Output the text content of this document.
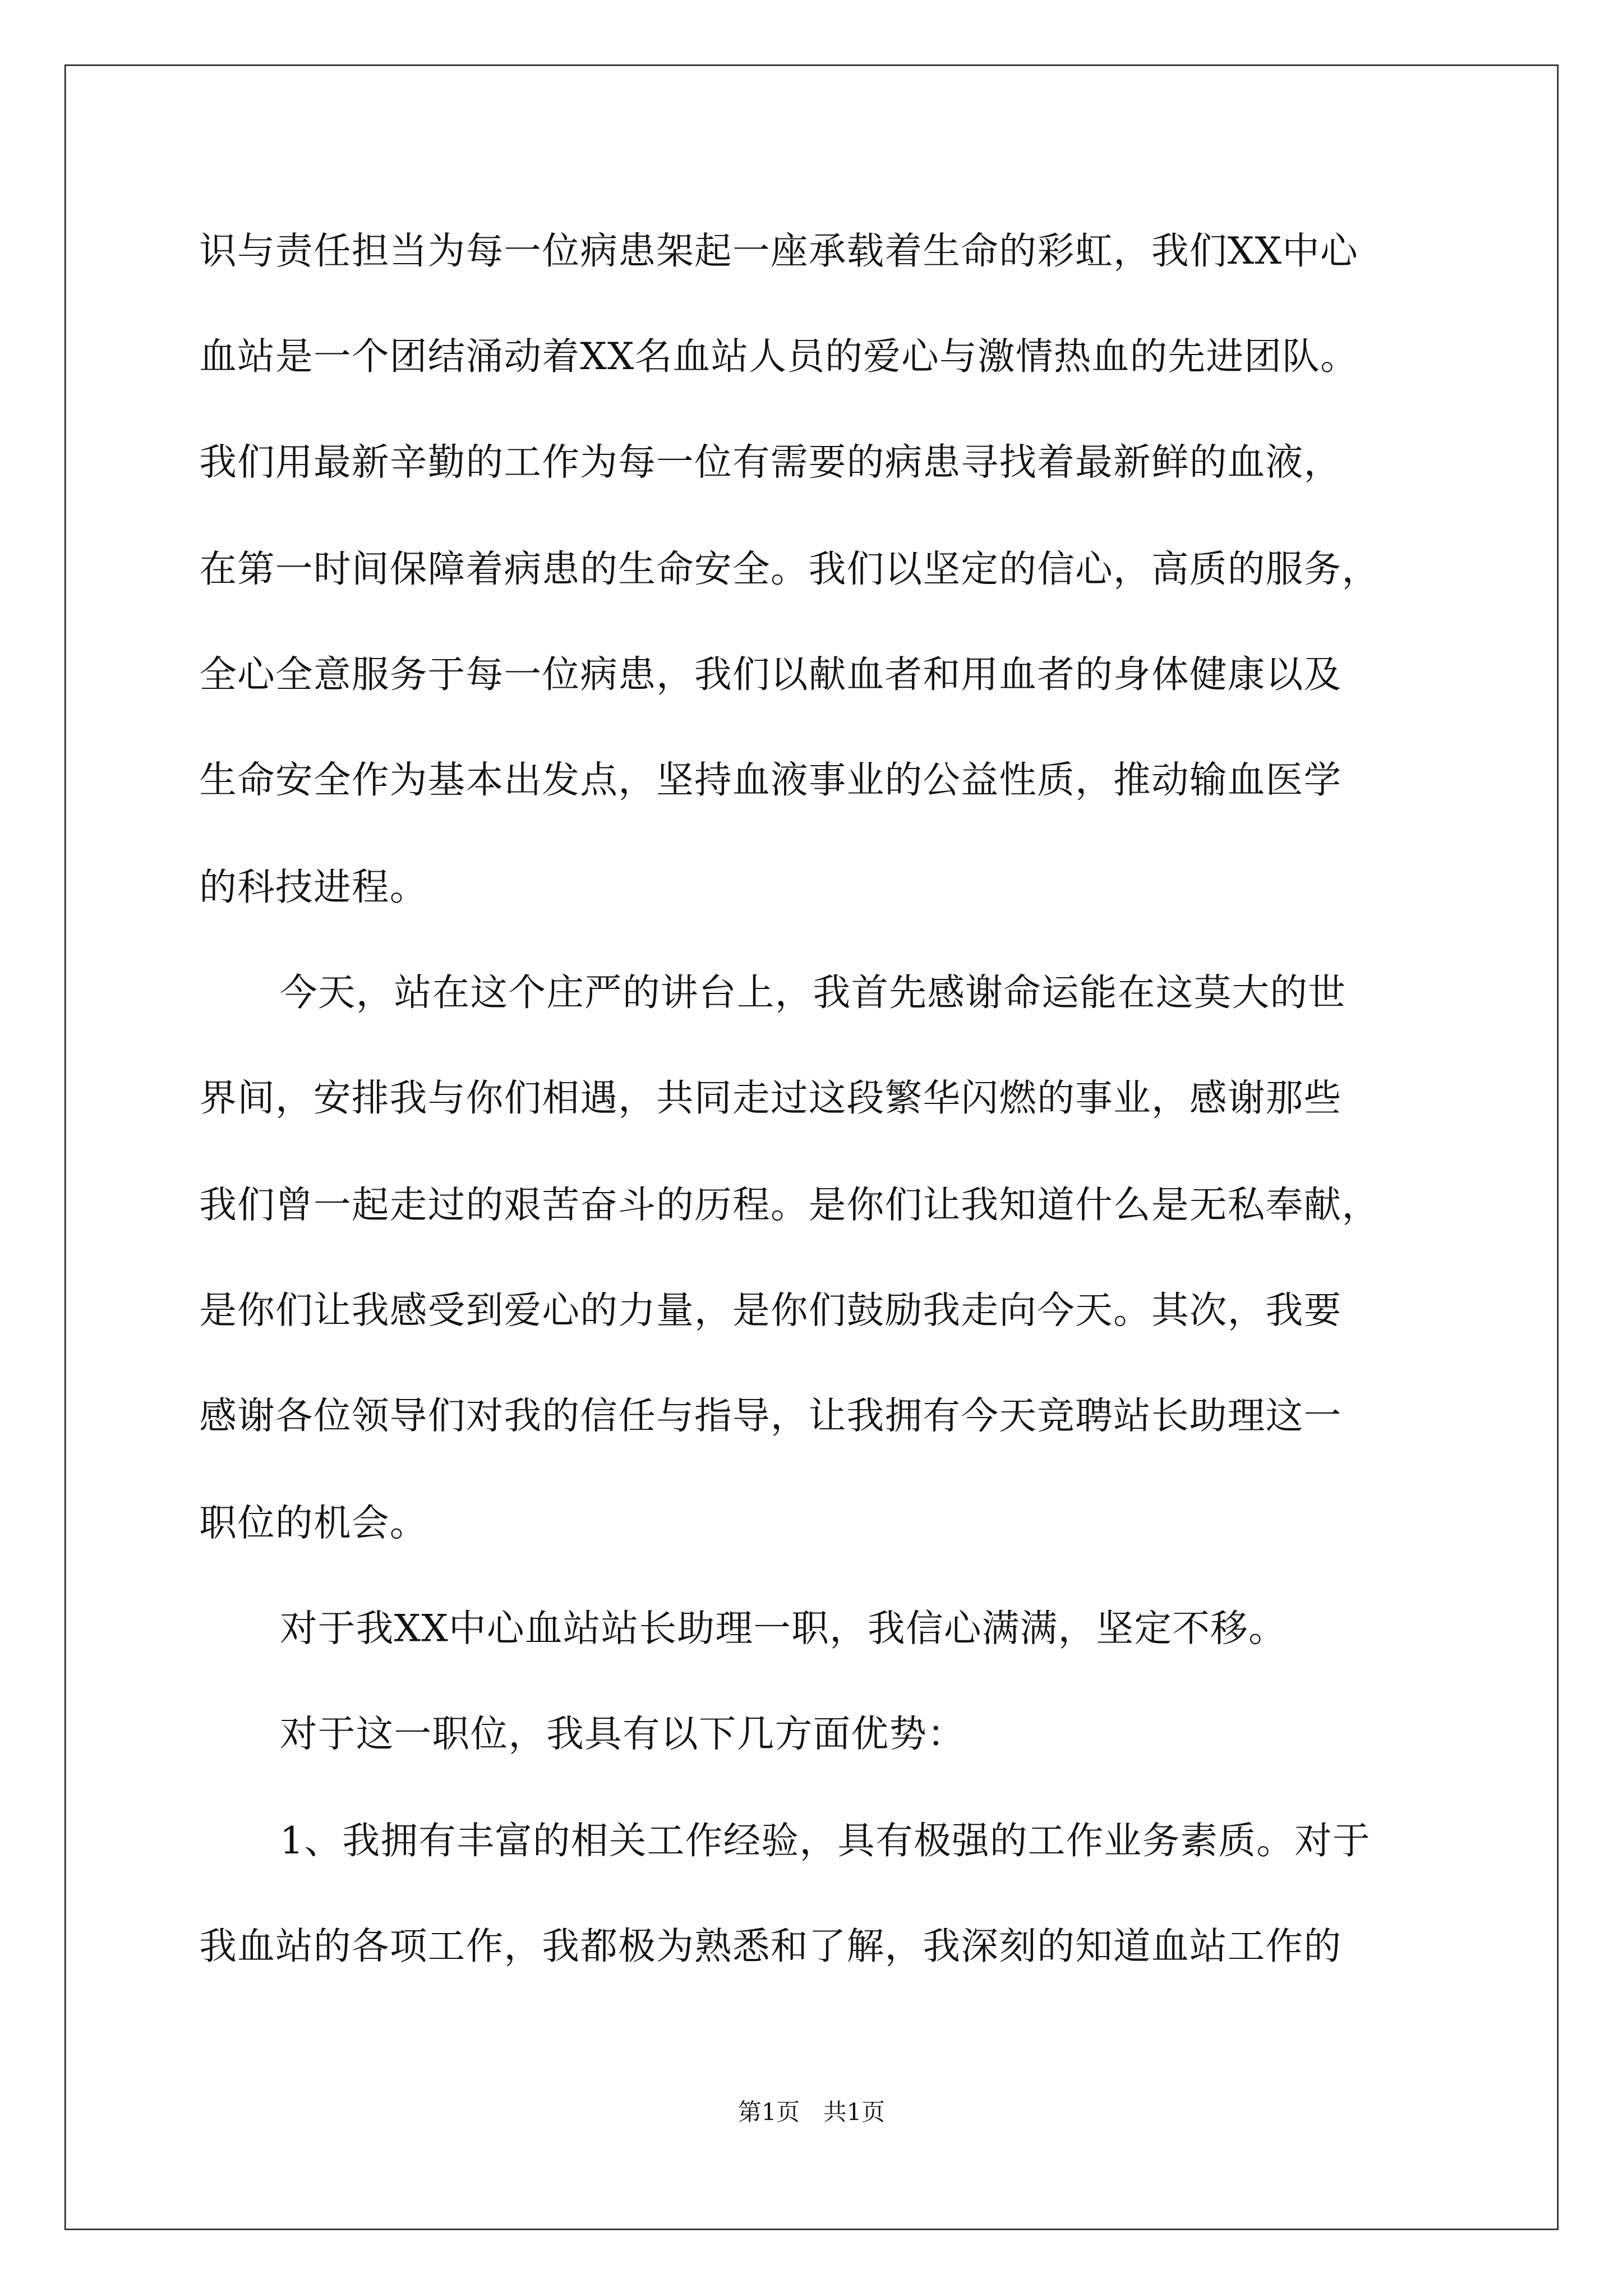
识与责任担当为每一位病患架起一座承载着生命的彩虹，我们XX中心
血站是一个团结涌动着XX名血站人员的爱心与激情热血的先进团队。
我们用最新辛勤的工作为每一位有需要的病患寻找着最新鲜的血液，
在第一时间保障着病患的生命安全。我们以坚定的信心，高质的服务，
全心全意服务于每一位病患，我们以献血者和用血者的身体健康以及
生命安全作为基本出发点，坚持血液事业的公益性质，推动输血医学
的科技进程。
今天，站在这个庄严的讲台上，我首先感谢命运能在这莫大的世
界间，安排我与你们相遇，共同走过这段繁华闪燃的事业，感谢那些
我们曾一起走过的艰苦奋斗的历程。是你们让我知道什么是无私奉献，
是你们让我感受到爱心的力量，是你们鼓励我走向今天。其次，我要
感谢各位领导们对我的信任与指导，让我拥有今天竞聘站长助理这一
职位的机会。
对于我XX中心血站站长助理一职，我信心满满，坚定不移。
对于这一职位，我具有以下几方面优势：
1、我拥有丰富的相关工作经验，具有极强的工作业务素质。对于
我血站的各项工作，我都极为熟悉和了解，我深刻的知道血站工作的
第1页　共1页
